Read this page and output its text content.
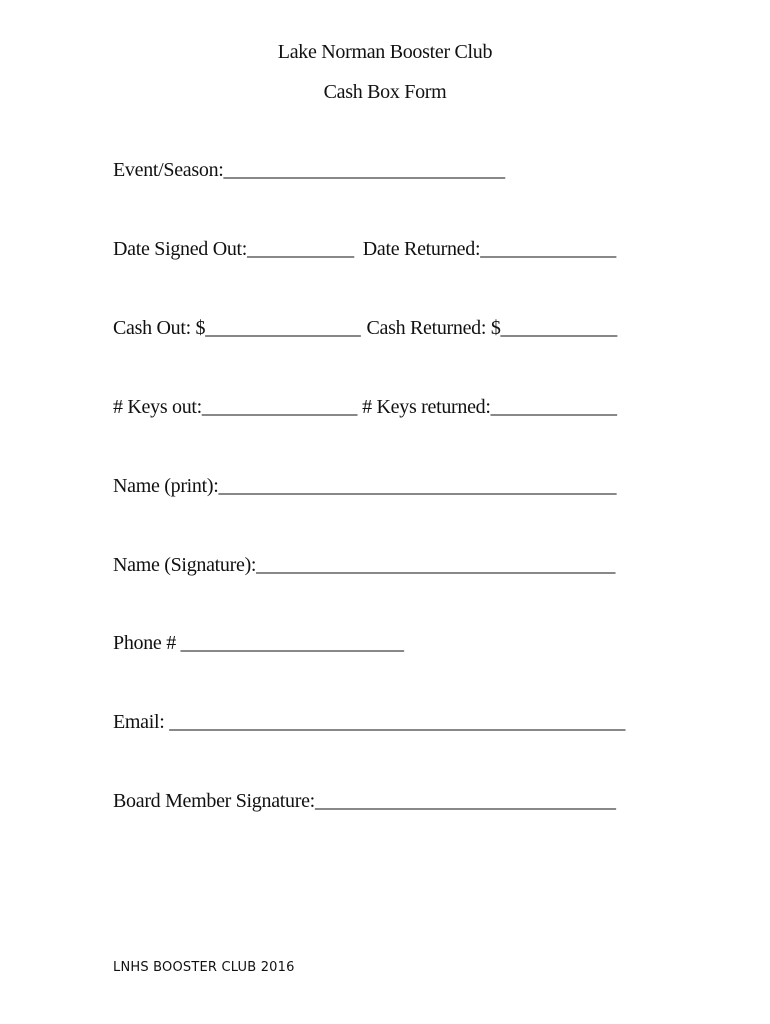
Lake Norman Booster Club
Cash Box Form
Event/Season:_____________________________
Date Signed Out:___________ Date Returned:______________
Cash Out: $________________ Cash Returned: $____________
# Keys out:________________ # Keys returned:_____________
Name (print):_________________________________________
Name (Signature):_____________________________________
Phone # _______________________
Email: _______________________________________________
Board Member Signature:_______________________________
LNHS BOOSTER CLUB 2016
